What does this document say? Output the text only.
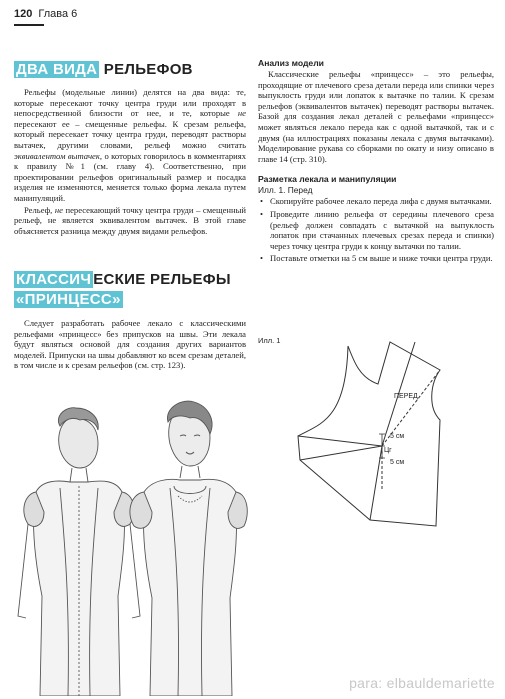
120 Глава 6
ДВА ВИДА РЕЛЬЕФОВ

Рельефы (модельные линии) делятся на два вида: те, которые пересекают точку центра груди или проходят в непосредственной близости от нее, и те, которые не пересекают ее – смещенные рельефы. К срезам рельефа, который пересекает точку центра груди, переводят растворы вытачек, другими словами, рельеф можно считать эквивалентом вытачек, о которых говорилось в комментариях к правилу №1 (см. главу 4). Соответственно, при проектировании рельефов оригинальный размер и посадка изделия не изменяются, меняется только форма лекала путем манипуляций.

Рельеф, не пересекающий точку центра груди – смещенный рельеф, не является эквивалентом вытачек. В этой главе объясняется разница между двумя видами рельефов.

КЛАССИЧ ЕСКИЕ РЕЛЬЕФЫ
«ПРИНЦЕСС»

Следует разработать рабочее лекало с классическими рельефами «принцесс» без припусков на швы. Эти лекала будут являться основой для создания других вариантов моделей. Припуски на швы добавляют ко всем срезам деталей, в том числе и к срезам рельефов (см. стр. 123).

Анализ модели

Классические рельефы «принцесс» – это рельефы, проходящие от плечевого среза детали переда или спинки через выпуклость груди или лопаток к вытачке по талии. К срезам рельефов (эквивалентов вытачек) переводят растворы вытачек. Базой для создания лекал деталей с рельефами «принцесс» может являться лекало переда как с одной вытачкой, так и с двумя (на иллюстрациях показаны лекала с двумя вытачками). Моделирование рукава со сборками по окату и низу описано в главе 14 (стр. 310).

Разметка лекала и манипуляции
Илл. 1. Перед
• Скопируйте рабочее лекало переда лифа с двумя вытачками.
• Проведите линию рельефа от середины плечевого среза (рельеф должен совпадать с вытачкой на выпуклость лопаток при стачанных плечевых срезах переда и спинки) через точку центра груди к концу вытачки по талии.
• Поставьте отметки на 5 см выше и ниже точки центра груди.
Илл. 1
ПЕРЕД
5 см
Цг
5 см
para: elbauldemariette
